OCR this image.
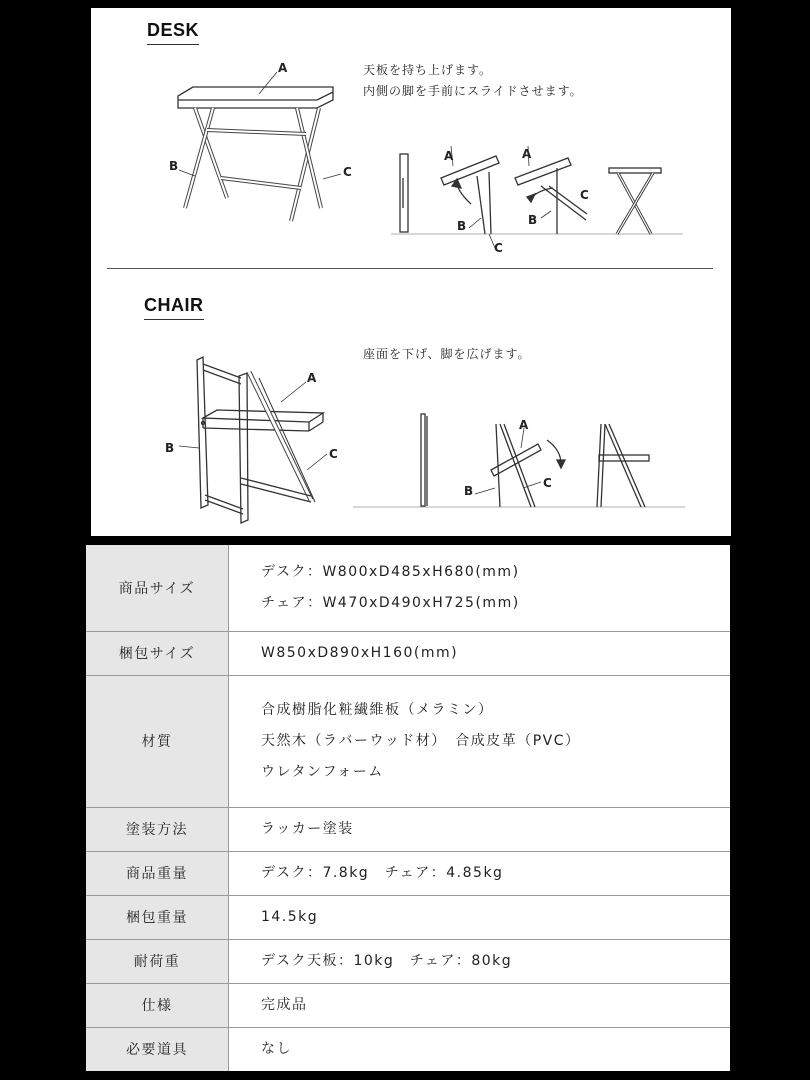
DESK
天板を持ち上げます。
内側の脚を手前にスライドさせます。
A
B	C
A
B
C
A
B
C
A
B	C
A
B
C
CHAIR
座面を下げ、脚を広げます。
商品サイズ	デスク：W800xD485xH680(mm)
チェア：W470xD490xH725(mm)

梱包サイズ	W850xD890xH160(mm)

材質	合成樹脂化粧繊維板（メラミン）
天然木（ラバーウッド材）　合成皮革（PVC）
ウレタンフォーム

塗装方法	ラッカー塗装

商品重量	デスク：7.8kg　チェア：4.85kg

梱包重量	14.5kg

耐荷重	デスク天板：10kg　チェア：80kg

仕様	完成品

必要道具	なし
